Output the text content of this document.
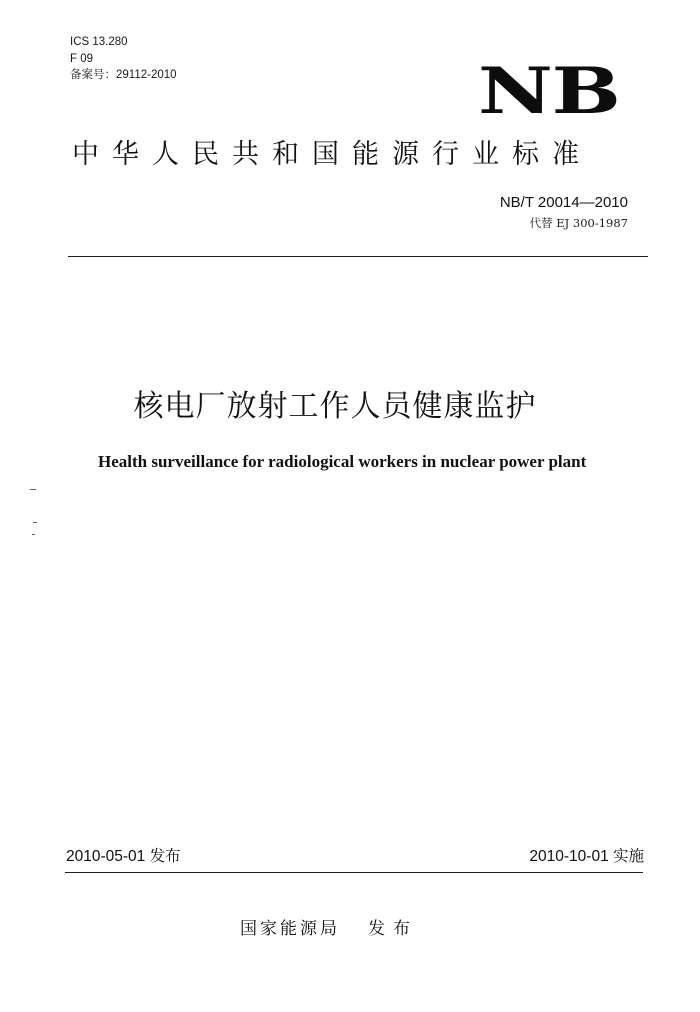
ICS 13.280
F 09
备案号：29112-2010	NB
中华人民共和国能源行业标准
NB/T 20014—2010
代替 EJ 300-1987
核电厂放射工作人员健康监护
Health surveillance for radiological workers in nuclear power plant
2010-05-01 发布	2010-10-01 实施
国家能源局 发布
